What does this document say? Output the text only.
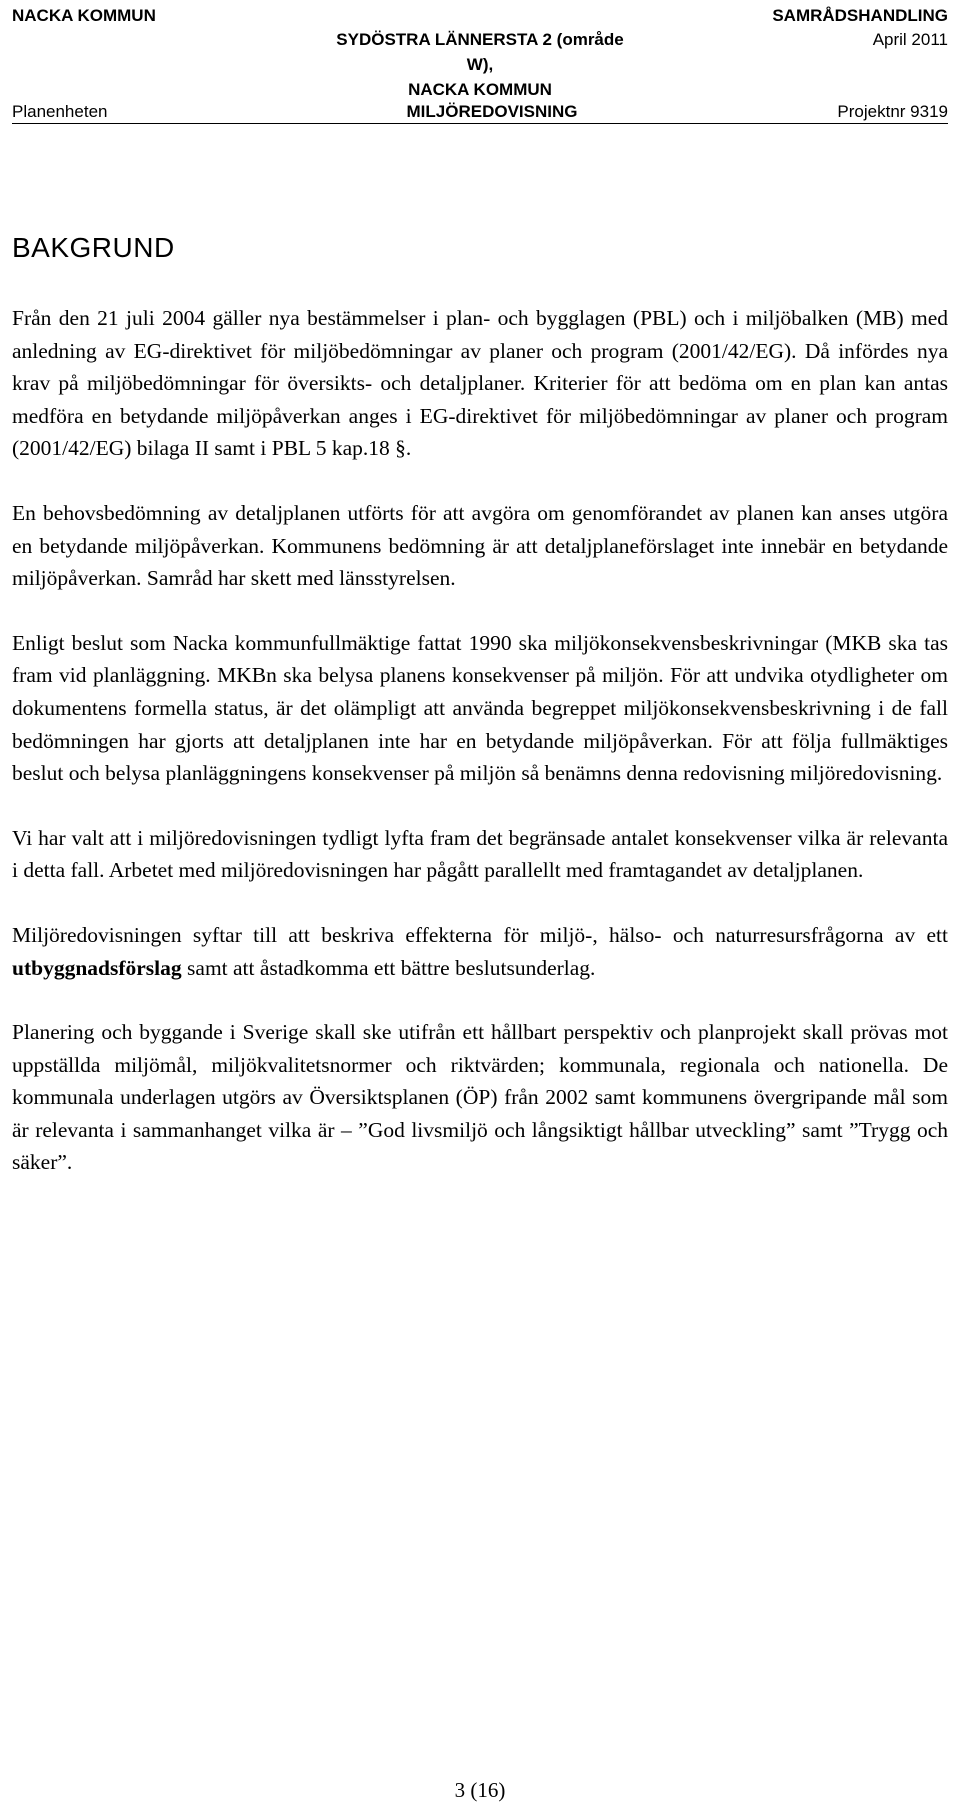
NACKA KOMMUN	SAMRÅDSHANDLING
SYDÖSTRA LÄNNERSTA 2 (område
W),
NACKA KOMMUN
April 2011
Planenheten	MILJÖREDOVISNING	Projektnr 9319
BAKGRUND

Från den 21 juli 2004 gäller nya bestämmelser i plan- och bygglagen (PBL) och i miljöbalken (MB) med anledning av EG-direktivet för miljöbedömningar av planer och program (2001/42/EG). Då infördes nya krav på miljöbedömningar för översikts- och detaljplaner. Kriterier för att bedöma om en plan kan antas medföra en betydande miljöpåverkan anges i EG-direktivet för miljöbedömningar av planer och program (2001/42/EG) bilaga II samt i PBL 5 kap.18 §.

En behovsbedömning av detaljplanen utförts för att avgöra om genomförandet av planen kan anses utgöra en betydande miljöpåverkan. Kommunens bedömning är att detaljplaneförslaget inte innebär en betydande miljöpåverkan. Samråd har skett med länsstyrelsen.

Enligt beslut som Nacka kommunfullmäktige fattat 1990 ska miljökonsekvensbeskrivningar (MKB ska tas fram vid planläggning. MKBn ska belysa planens konsekvenser på miljön. För att undvika otydligheter om dokumentens formella status, är det olämpligt att använda begreppet miljökonsekvensbeskrivning i de fall bedömningen har gjorts att detaljplanen inte har en betydande miljöpåverkan. För att följa fullmäktiges beslut och belysa planläggningens konsekvenser på miljön så benämns denna redovisning miljöredovisning.

Vi har valt att i miljöredovisningen tydligt lyfta fram det begränsade antalet konsekvenser vilka är relevanta i detta fall. Arbetet med miljöredovisningen har pågått parallellt med framtagandet av detaljplanen.

Miljöredovisningen syftar till att beskriva effekterna för miljö-, hälso- och naturresursfrågorna av ett utbyggnadsförslag samt att åstadkomma ett bättre beslutsunderlag.

Planering och byggande i Sverige skall ske utifrån ett hållbart perspektiv och planprojekt skall prövas mot uppställda miljömål, miljökvalitetsnormer och riktvärden; kommunala, regionala och nationella. De kommunala underlagen utgörs av Översiktsplanen (ÖP) från 2002 samt kommunens övergripande mål som är relevanta i sammanhanget vilka är – ”God livsmiljö och långsiktigt hållbar utveckling” samt ”Trygg och säker”.

3 (16)
